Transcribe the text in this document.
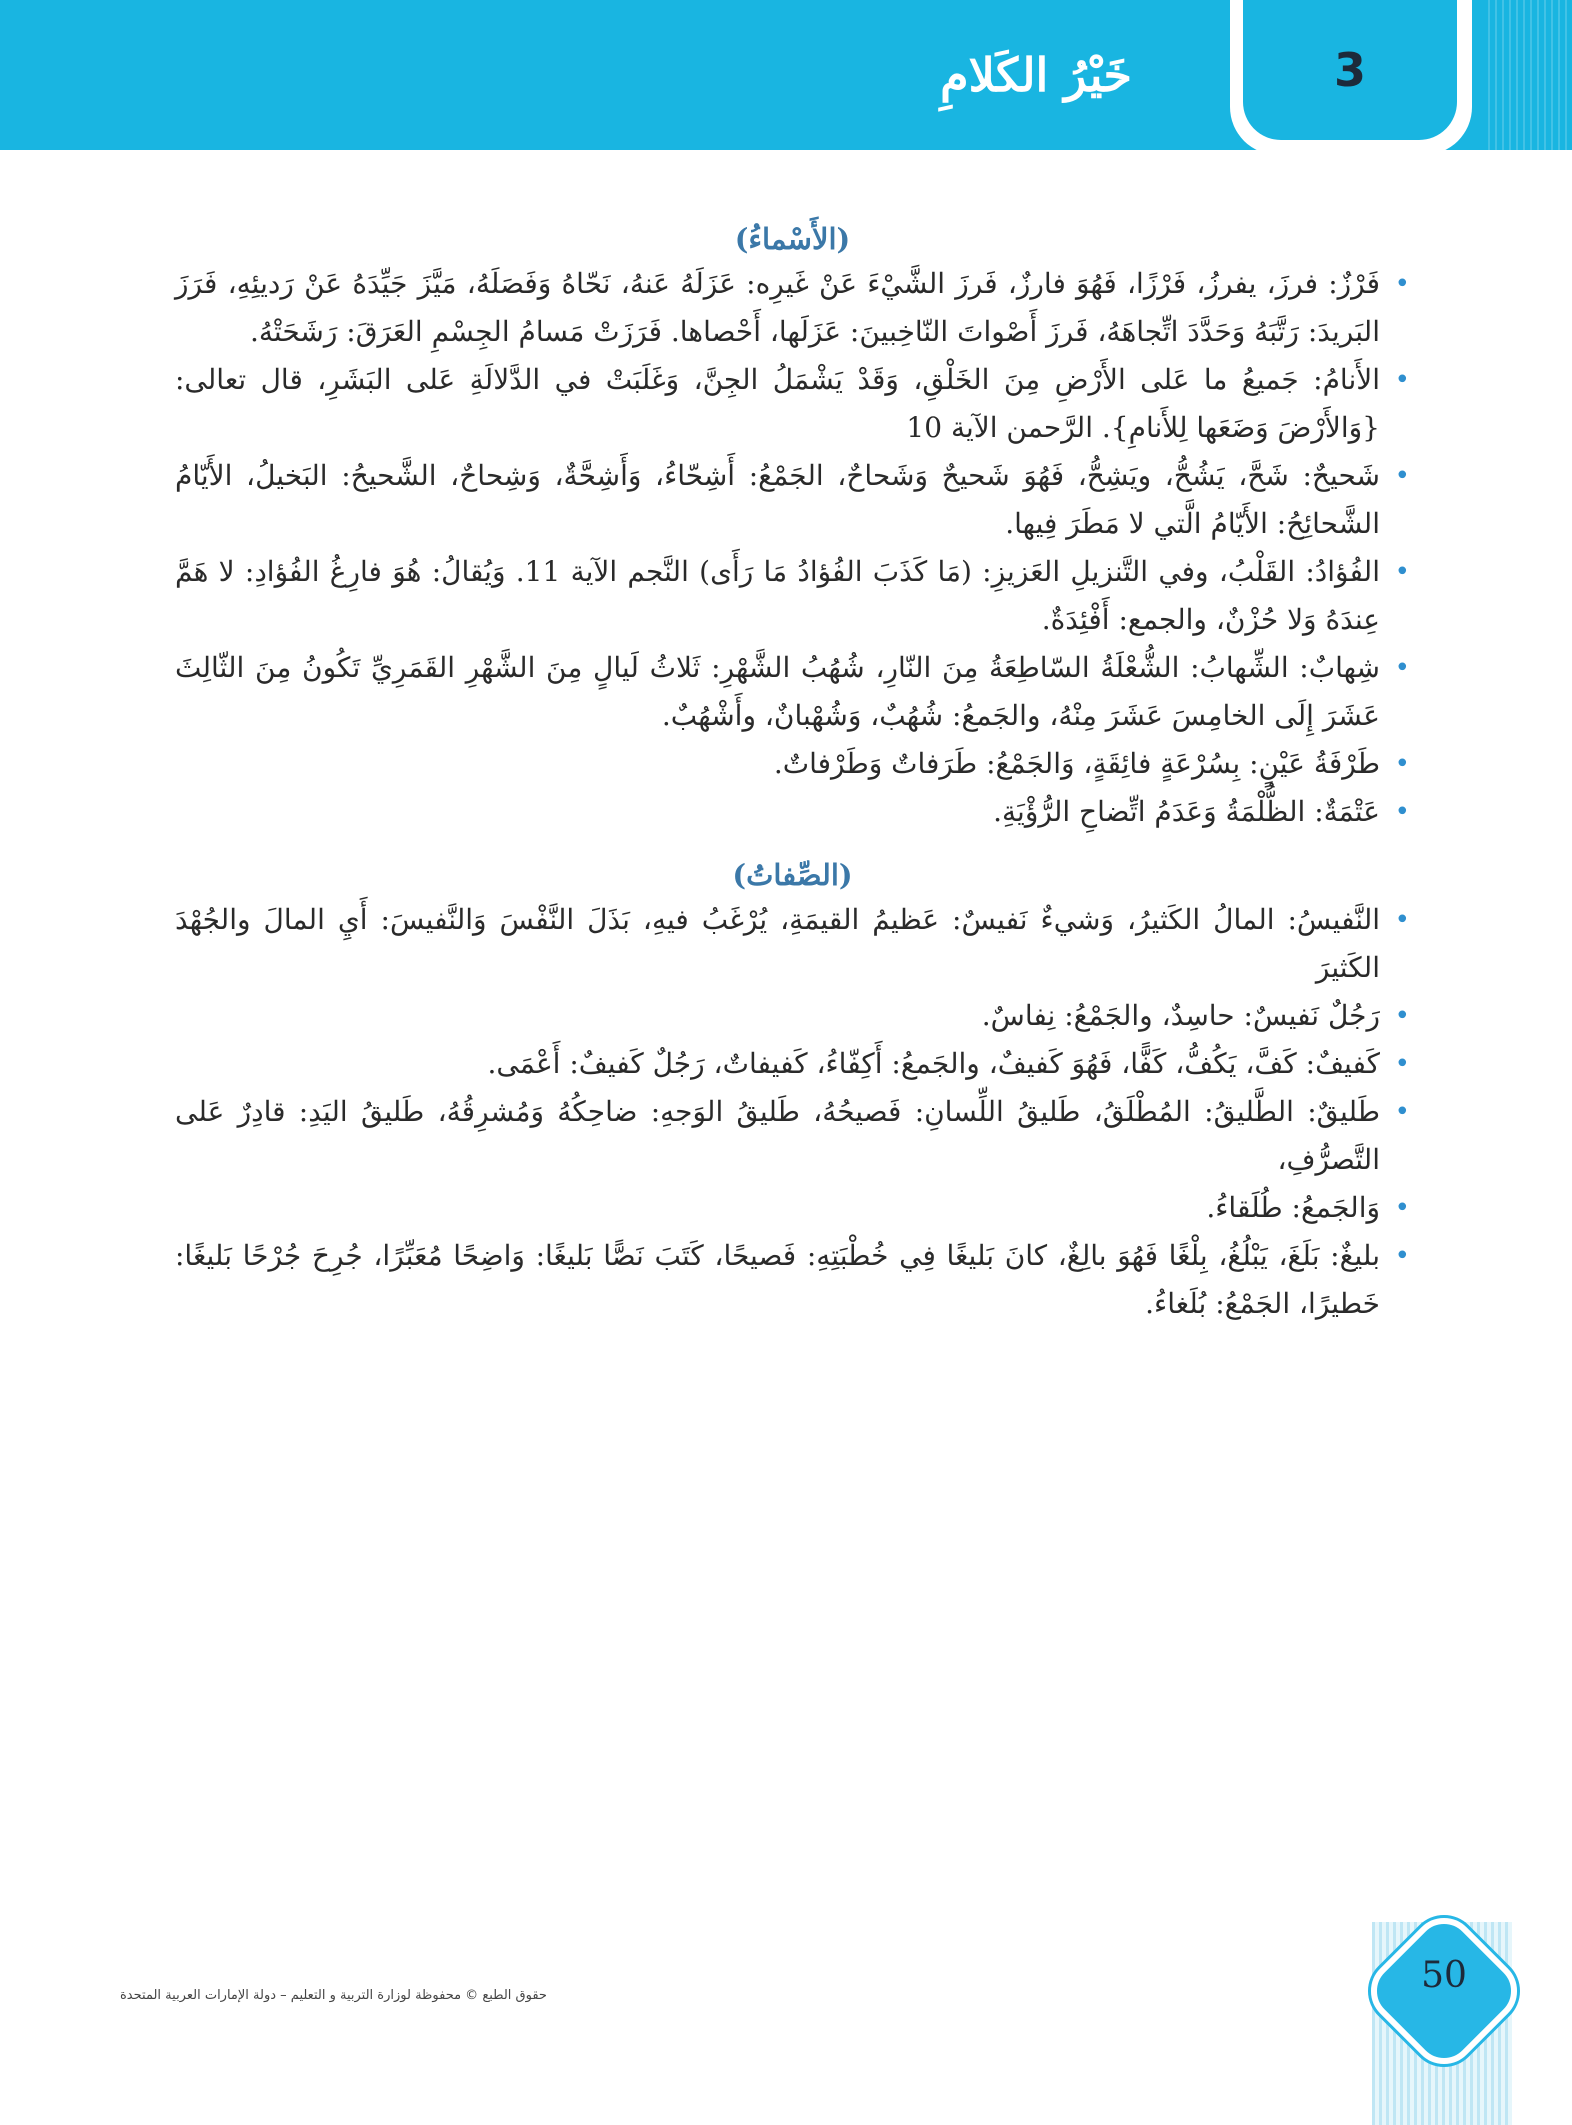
3
خَيْرُ الكَلامِ
(الأَسْماءُ)
•
فَرْزٌ: فرزَ، يفرزُ، فَرْزًا، فَهُوَ فارزٌ، فَرزَ الشَّيْءَ عَنْ غَيرِه: عَزَلَهُ عَنهُ، نَحّاهُ وَفَصَلَهُ، مَيَّزَ جَيِّدَهُ عَنْ رَديئِهِ، فَرَزَ البَريدَ: رَتَّبَهُ وَحَدَّدَ اتِّجاهَهُ، فَرزَ أَصْواتَ النّاخِبينَ: عَزَلَها، أَحْصاها. فَرَزَتْ مَسامُ الجِسْمِ العَرَقَ: رَشَحَتْهُ.
•
الأَنامُ: جَميعُ ما عَلى الأَرْضِ مِنَ الخَلْقِ، وَقَدْ يَشْمَلُ الجِنَّ، وَغَلَبَتْ في الدَّلالَةِ عَلى البَشَرِ، قال تعالى: {وَالأَرْضَ وَضَعَها لِلأَنامِ}. الرَّحمن الآية 10
•
شَحيحٌ: شَحَّ، يَشُحُّ، ويَشِحُّ، فَهُوَ شَحيحٌ وَشَحاحٌ، الجَمْعُ: أَشِحّاءُ، وَأَشِحَّةٌ، وَشِحاحٌ، الشَّحيحُ: البَخيلُ، الأَيّامُ الشَّحائِحُ: الأَيّامُ الَّتي لا مَطَرَ فِيها.
•
الفُؤادُ: القَلْبُ، وفي التَّنزيلِ العَزيزِ: (مَا كَذَبَ الفُؤادُ مَا رَأَى) النَّجم الآية 11. وَيُقالُ: هُوَ فارِغُ الفُؤادِ: لا هَمَّ عِندَهُ وَلا حُزْنٌ، والجمع: أَفْئِدَةٌ.
•
شِهابٌ: الشِّهابُ: الشُّعْلَةُ السّاطِعَةُ مِنَ النّارِ، شُهُبُ الشَّهْرِ: ثَلاثُ لَيالٍ مِنَ الشَّهْرِ القَمَرِيِّ تَكُونُ مِنَ الثّالِثَ عَشَرَ إِلَى الخامِسَ عَشَرَ مِنْهُ، والجَمعُ: شُهُبٌ، وَشُهْبانٌ، وأَشْهُبٌ.
•
طَرْفَةُ عَيْنٍ: بِسُرْعَةٍ فائِقَةٍ، وَالجَمْعُ: طَرَفاتٌ وَطَرْفاتٌ.
•
عَتْمَةٌ: الظُّلْمَةُ وَعَدَمُ اتِّضاحِ الرُّؤْيَةِ.
(الصِّفاتُ)
•
النَّفيسُ: المالُ الكَثيرُ، وَشيءٌ نَفيسٌ: عَظيمُ القيمَةِ، يُرْغَبُ فيهِ، بَذَلَ النَّفْسَ وَالنَّفيسَ: أَيِ المالَ والجُهْدَ الكَثيرَ
•
رَجُلٌ نَفيسٌ: حاسِدٌ، والجَمْعُ: نِفاسٌ.
•
كَفيفٌ: كَفَّ، يَكُفُّ، كَفًّا، فَهُوَ كَفيفٌ، والجَمعُ: أَكِفّاءُ، كَفيفاتٌ، رَجُلٌ كَفيفٌ: أَعْمَى.
•
طَليقٌ: الطَّليقُ: المُطْلَقُ، طَليقُ اللِّسانِ: فَصيحُهُ، طَليقُ الوَجهِ: ضاحِكُهُ وَمُشرِقُهُ، طَليقُ اليَدِ: قادِرٌ عَلى التَّصرُّفِ،
•
وَالجَمعُ: طُلَقاءُ.
•
بليغٌ: بَلَغَ، يَبْلُغُ، بِلْغًا فَهُوَ بالِغٌ، كانَ بَليغًا فِي خُطْبَتِهِ: فَصيحًا، كَتَبَ نَصًّا بَليغًا: وَاضِحًا مُعَبِّرًا، جُرِحَ جُرْحًا بَليغًا: خَطيرًا، الجَمْعُ: بُلَغاءُ.
حقوق الطبع © محفوظة لوزارة التربية و التعليم – دولة الإمارات العربية المتحدة	50
